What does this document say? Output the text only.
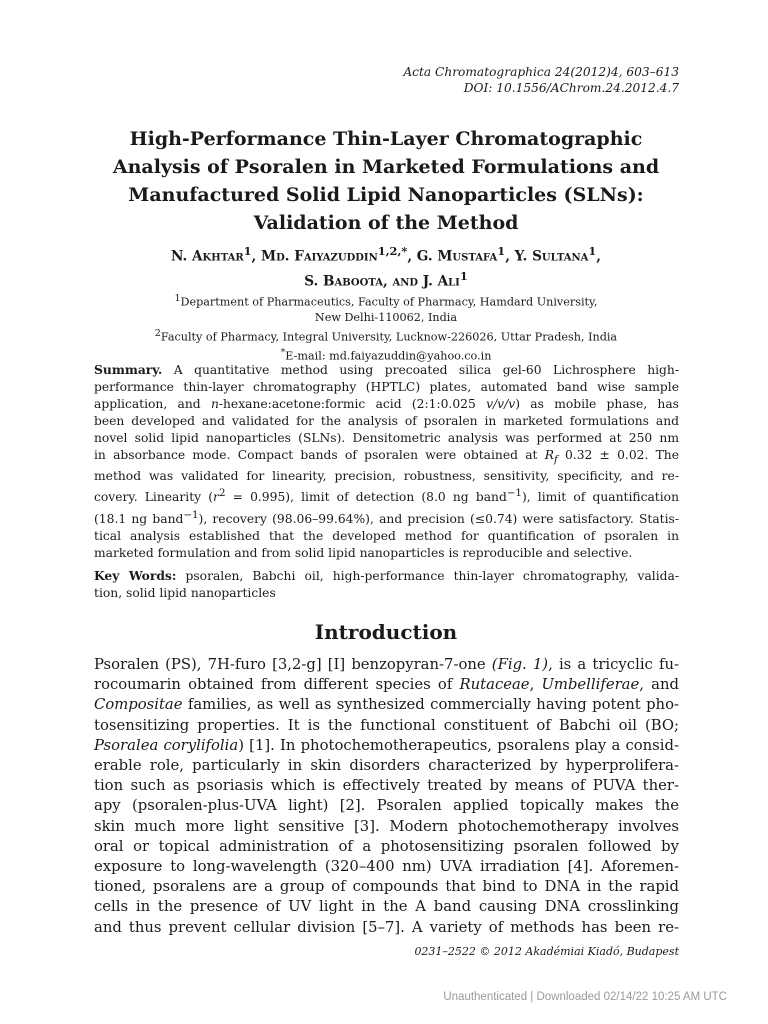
Acta Chromatographica 24(2012)4, 603–613
DOI: 10.1556/AChrom.24.2012.4.7
High-Performance Thin-Layer Chromatographic
Analysis of Psoralen in Marketed Formulations and
Manufactured Solid Lipid Nanoparticles (SLNs):
Validation of the Method
N. Akhtar$^1$, Md. Faiyazuddin$^{1,2,*}$, G. Mustafa$^1$, Y. Sultana$^1$,
S. Baboota, and J. Ali$^1$
$^1$Department of Pharmaceutics, Faculty of Pharmacy, Hamdard University,
New Delhi-110062, India
$^2$Faculty of Pharmacy, Integral University, Lucknow-226026, Uttar Pradesh, India
*E-mail: md.faiyazuddin@yahoo.co.in
Summary. A quantitative method using precoated silica gel-60 Lichrosphere high-
performance thin-layer chromatography (HPTLC) plates, automated band wise sample
application, and n-hexane:acetone:formic acid (2:1:0.025 v/v/v) as mobile phase, has
been developed and validated for the analysis of psoralen in marketed formulations and
novel solid lipid nanoparticles (SLNs). Densitometric analysis was performed at 250 nm
in absorbance mode. Compact bands of psoralen were obtained at $R_f$ 0.32 ± 0.02. The
method was validated for linearity, precision, robustness, sensitivity, specificity, and re-
covery. Linearity $(r^2 = 0.995)$, limit of detection (8.0 ng band$^{-1}$), limit of quantification
(18.1 ng band$^{-1}$), recovery (98.06–99.64%), and precision (≤0.74) were satisfactory. Statis-
tical analysis established that the developed method for quantification of psoralen in
marketed formulation and from solid lipid nanoparticles is reproducible and selective.
Key Words: psoralen, Babchi oil, high-performance thin-layer chromatography, valida-
tion, solid lipid nanoparticles
Introduction
Psoralen (PS), 7H-furo [3,2-g] [I] benzopyran-7-one (Fig. 1), is a tricyclic fu-
rocoumarin obtained from different species of Rutaceae, Umbelliferae, and
Compositae families, as well as synthesized commercially having potent pho-
tosensitizing properties. It is the functional constituent of Babchi oil (BO;
Psoralea corylifolia) [1]. In photochemotherapeutics, psoralens play a consid-
erable role, particularly in skin disorders characterized by hyperprolifera-
tion such as psoriasis which is effectively treated by means of PUVA ther-
apy (psoralen-plus-UVA light) [2]. Psoralen applied topically makes the
skin much more light sensitive [3]. Modern photochemotherapy involves
oral or topical administration of a photosensitizing psoralen followed by
exposure to long-wavelength (320–400 nm) UVA irradiation [4]. Aforemen-
tioned, psoralens are a group of compounds that bind to DNA in the rapid
cells in the presence of UV light in the A band causing DNA crosslinking
and thus prevent cellular division [5–7]. A variety of methods has been re-
0231–2522 © 2012 Akadémiai Kiadó, Budapest
Unauthenticated | Downloaded 02/14/22 10:25 AM UTC
